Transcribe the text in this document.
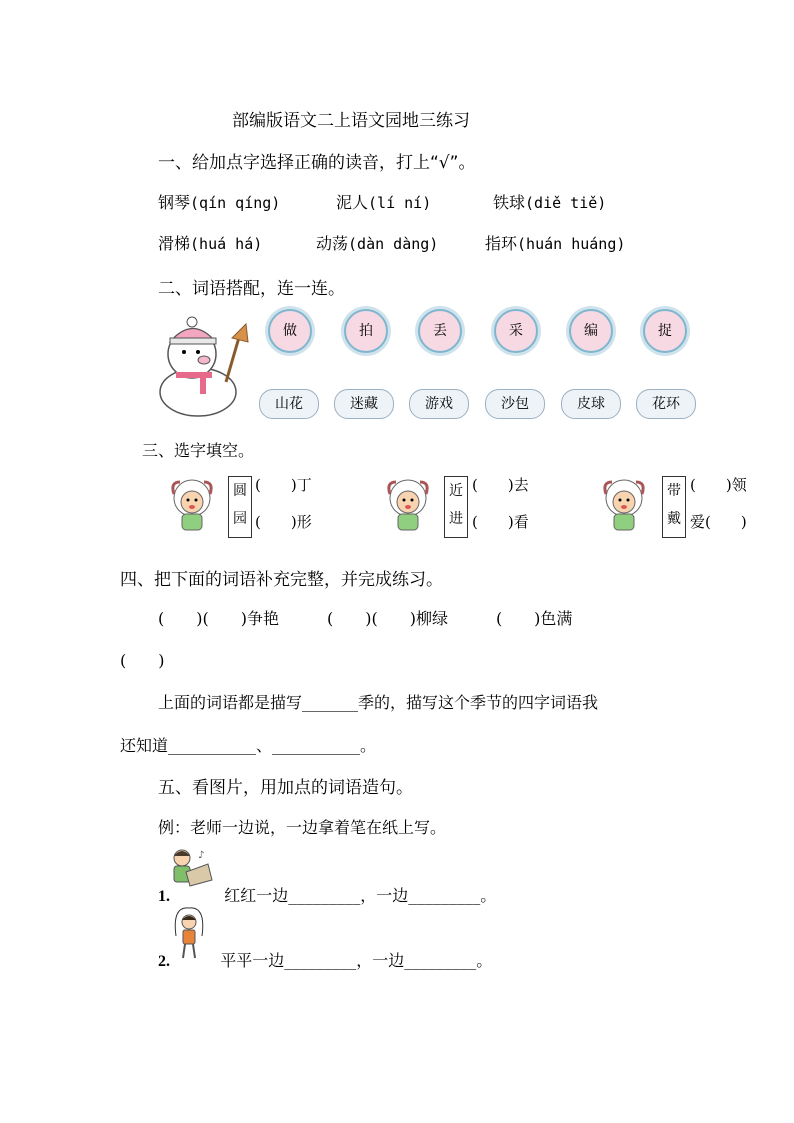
部编版语文二上语文园地三练习
一、给加点字选择正确的读音，打上“√”。
钢琴(qín qíng)	泥人(lí ní)	铁球(diě tiě)
滑梯(huá há)	动荡(dàn dàng)	指环(huán huáng)
二、词语搭配，连一连。
做	拍	丢	采	编	捉
山花	迷藏	游戏	沙包	皮球	花环
三、选字填空。
圆
园
(　　)丁
(　　)形
近
进
(　　)去
(　　)看
带
戴
(　　)领
爱(　　)
四、把下面的词语补充完整，并完成练习。
(　　)(　　)争艳　　　(　　)(　　)柳绿　　　(　　)色满
(　　)
上面的词语都是描写_______季的，描写这个季节的四字词语我
还知道___________、___________。
五、看图片，用加点的词语造句。
例：老师一边说，一边拿着笔在纸上写。
♪
1.	红红一边_________，一边_________。
2.	平平一边_________，一边_________。
